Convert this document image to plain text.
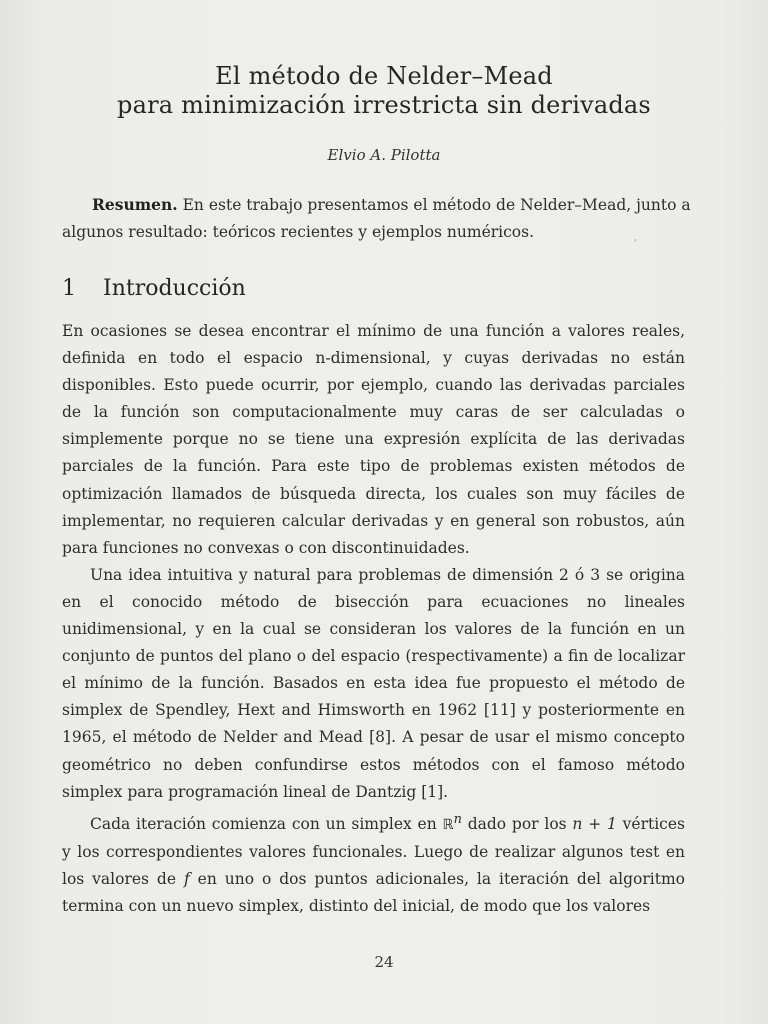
El método de Nelder–Mead
para minimización irrestricta sin derivadas
Elvio A. Pilotta
Resumen. En este trabajo presentamos el método de Nelder–Mead, junto a algunos resultado: teóricos recientes y ejemplos numéricos.
'
1 Introducción

En ocasiones se desea encontrar el mínimo de una función a valores reales, definida en todo el espacio n-dimensional, y cuyas derivadas no están disponibles. Esto puede ocurrir, por ejemplo, cuando las derivadas parciales de la función son computacionalmente muy caras de ser calculadas o simplemente porque no se tiene una expresión explícita de las derivadas parciales de la función. Para este tipo de problemas existen métodos de optimización llamados de búsqueda directa, los cuales son muy fáciles de implementar, no requieren calcular derivadas y en general son robustos, aún para funciones no convexas o con discontinuidades.

Una idea intuitiva y natural para problemas de dimensión 2 ó 3 se origina en el conocido método de bisección para ecuaciones no lineales unidimensional, y en la cual se consideran los valores de la función en un conjunto de puntos del plano o del espacio (respectivamente) a fin de localizar el mínimo de la función. Basados en esta idea fue propuesto el método de simplex de Spendley, Hext and Himsworth en 1962 [11] y posteriormente en 1965, el método de Nelder and Mead [8]. A pesar de usar el mismo concepto geométrico no deben confundirse estos métodos con el famoso método simplex para programación lineal de Dantzig [1].

Cada iteración comienza con un simplex en ℝ$^n$ dado por los n + 1 vértices y los correspondientes valores funcionales. Luego de realizar algunos test en los valores de f en uno o dos puntos adicionales, la iteración del algoritmo termina con un nuevo simplex, distinto del inicial, de modo que los valores

24
